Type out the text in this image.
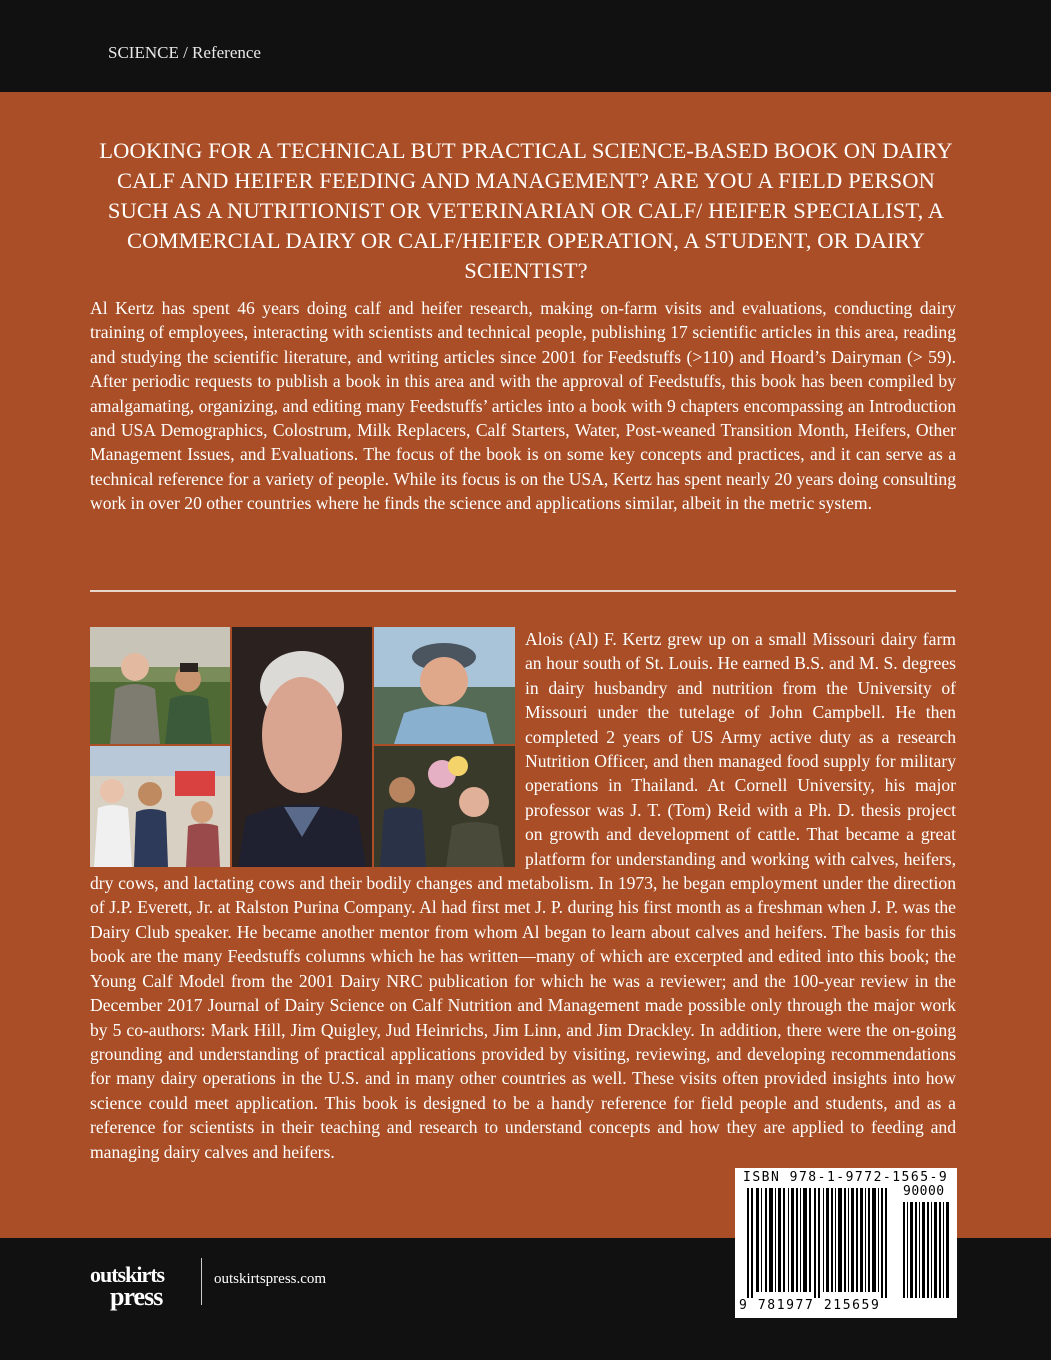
SCIENCE / Reference
LOOKING FOR A TECHNICAL BUT PRACTICAL SCIENCE-BASED BOOK ON DAIRY CALF AND HEIFER FEEDING AND MANAGEMENT? ARE YOU A FIELD PERSON SUCH AS A NUTRITIONIST OR VETERINARIAN OR CALF/ HEIFER SPECIALIST, A COMMERCIAL DAIRY OR CALF/HEIFER OPERATION, A STUDENT, OR DAIRY SCIENTIST?
Al Kertz has spent 46 years doing calf and heifer research, making on-farm visits and evaluations, conducting dairy training of employees, interacting with scientists and technical people, publishing 17 scientific articles in this area, reading and studying the scientific literature, and writing articles since 2001 for Feedstuffs (>110) and Hoard’s Dairyman (> 59). After periodic requests to publish a book in this area and with the approval of Feedstuffs, this book has been compiled by amalgamating, organizing, and editing many Feedstuffs’ articles into a book with 9 chapters encompassing an Introduction and USA Demographics, Colostrum, Milk Replacers, Calf Starters, Water, Post-weaned Transition Month, Heifers, Other Management Issues, and Evaluations. The focus of the book is on some key concepts and practices, and it can serve as a technical reference for a variety of people. While its focus is on the USA, Kertz has spent nearly 20 years doing consulting work in over 20 other countries where he finds the science and applications similar, albeit in the metric system.
Alois (Al) F. Kertz grew up on a small Missouri dairy farm an hour south of St. Louis. He earned B.S. and M. S. degrees in dairy husbandry and nutrition from the University of Missouri under the tutelage of John Campbell. He then completed 2 years of US Army active duty as a research Nutrition Officer, and then managed food supply for military operations in Thailand. At Cornell University, his major professor was J. T. (Tom) Reid with a Ph. D. thesis project on growth and development of cattle. That became a great platform for understanding and working with calves, heifers, dry cows, and lactating cows and their bodily changes and metabolism. In 1973, he began employment under the direction of J.P. Everett, Jr. at Ralston Purina Company. Al had first met J. P. during his first month as a freshman when J. P. was the Dairy Club speaker. He became another mentor from whom Al began to learn about calves and heifers. The basis for this book are the many Feedstuffs columns which he has written—many of which are excerpted and edited into this book; the Young Calf Model from the 2001 Dairy NRC publication for which he was a reviewer; and the 100-year review in the December 2017 Journal of Dairy Science on Calf Nutrition and Management made possible only through the major work by 5 co-authors: Mark Hill, Jim Quigley, Jud Heinrichs, Jim Linn, and Jim Drackley. In addition, there were the on-going grounding and understanding of practical applications provided by visiting, reviewing, and developing recommendations for many dairy operations in the U.S. and in many other countries as well. These visits often provided insights into how science could meet application. This book is designed to be a handy reference for field people and students, and as a reference for scientists in their teaching and research to understand concepts and how they are applied to feeding and managing dairy calves and heifers.
outskirts
press
outskirtspress.com
ISBN 978-1-9772-1565-9
90000
9 781977 215659
